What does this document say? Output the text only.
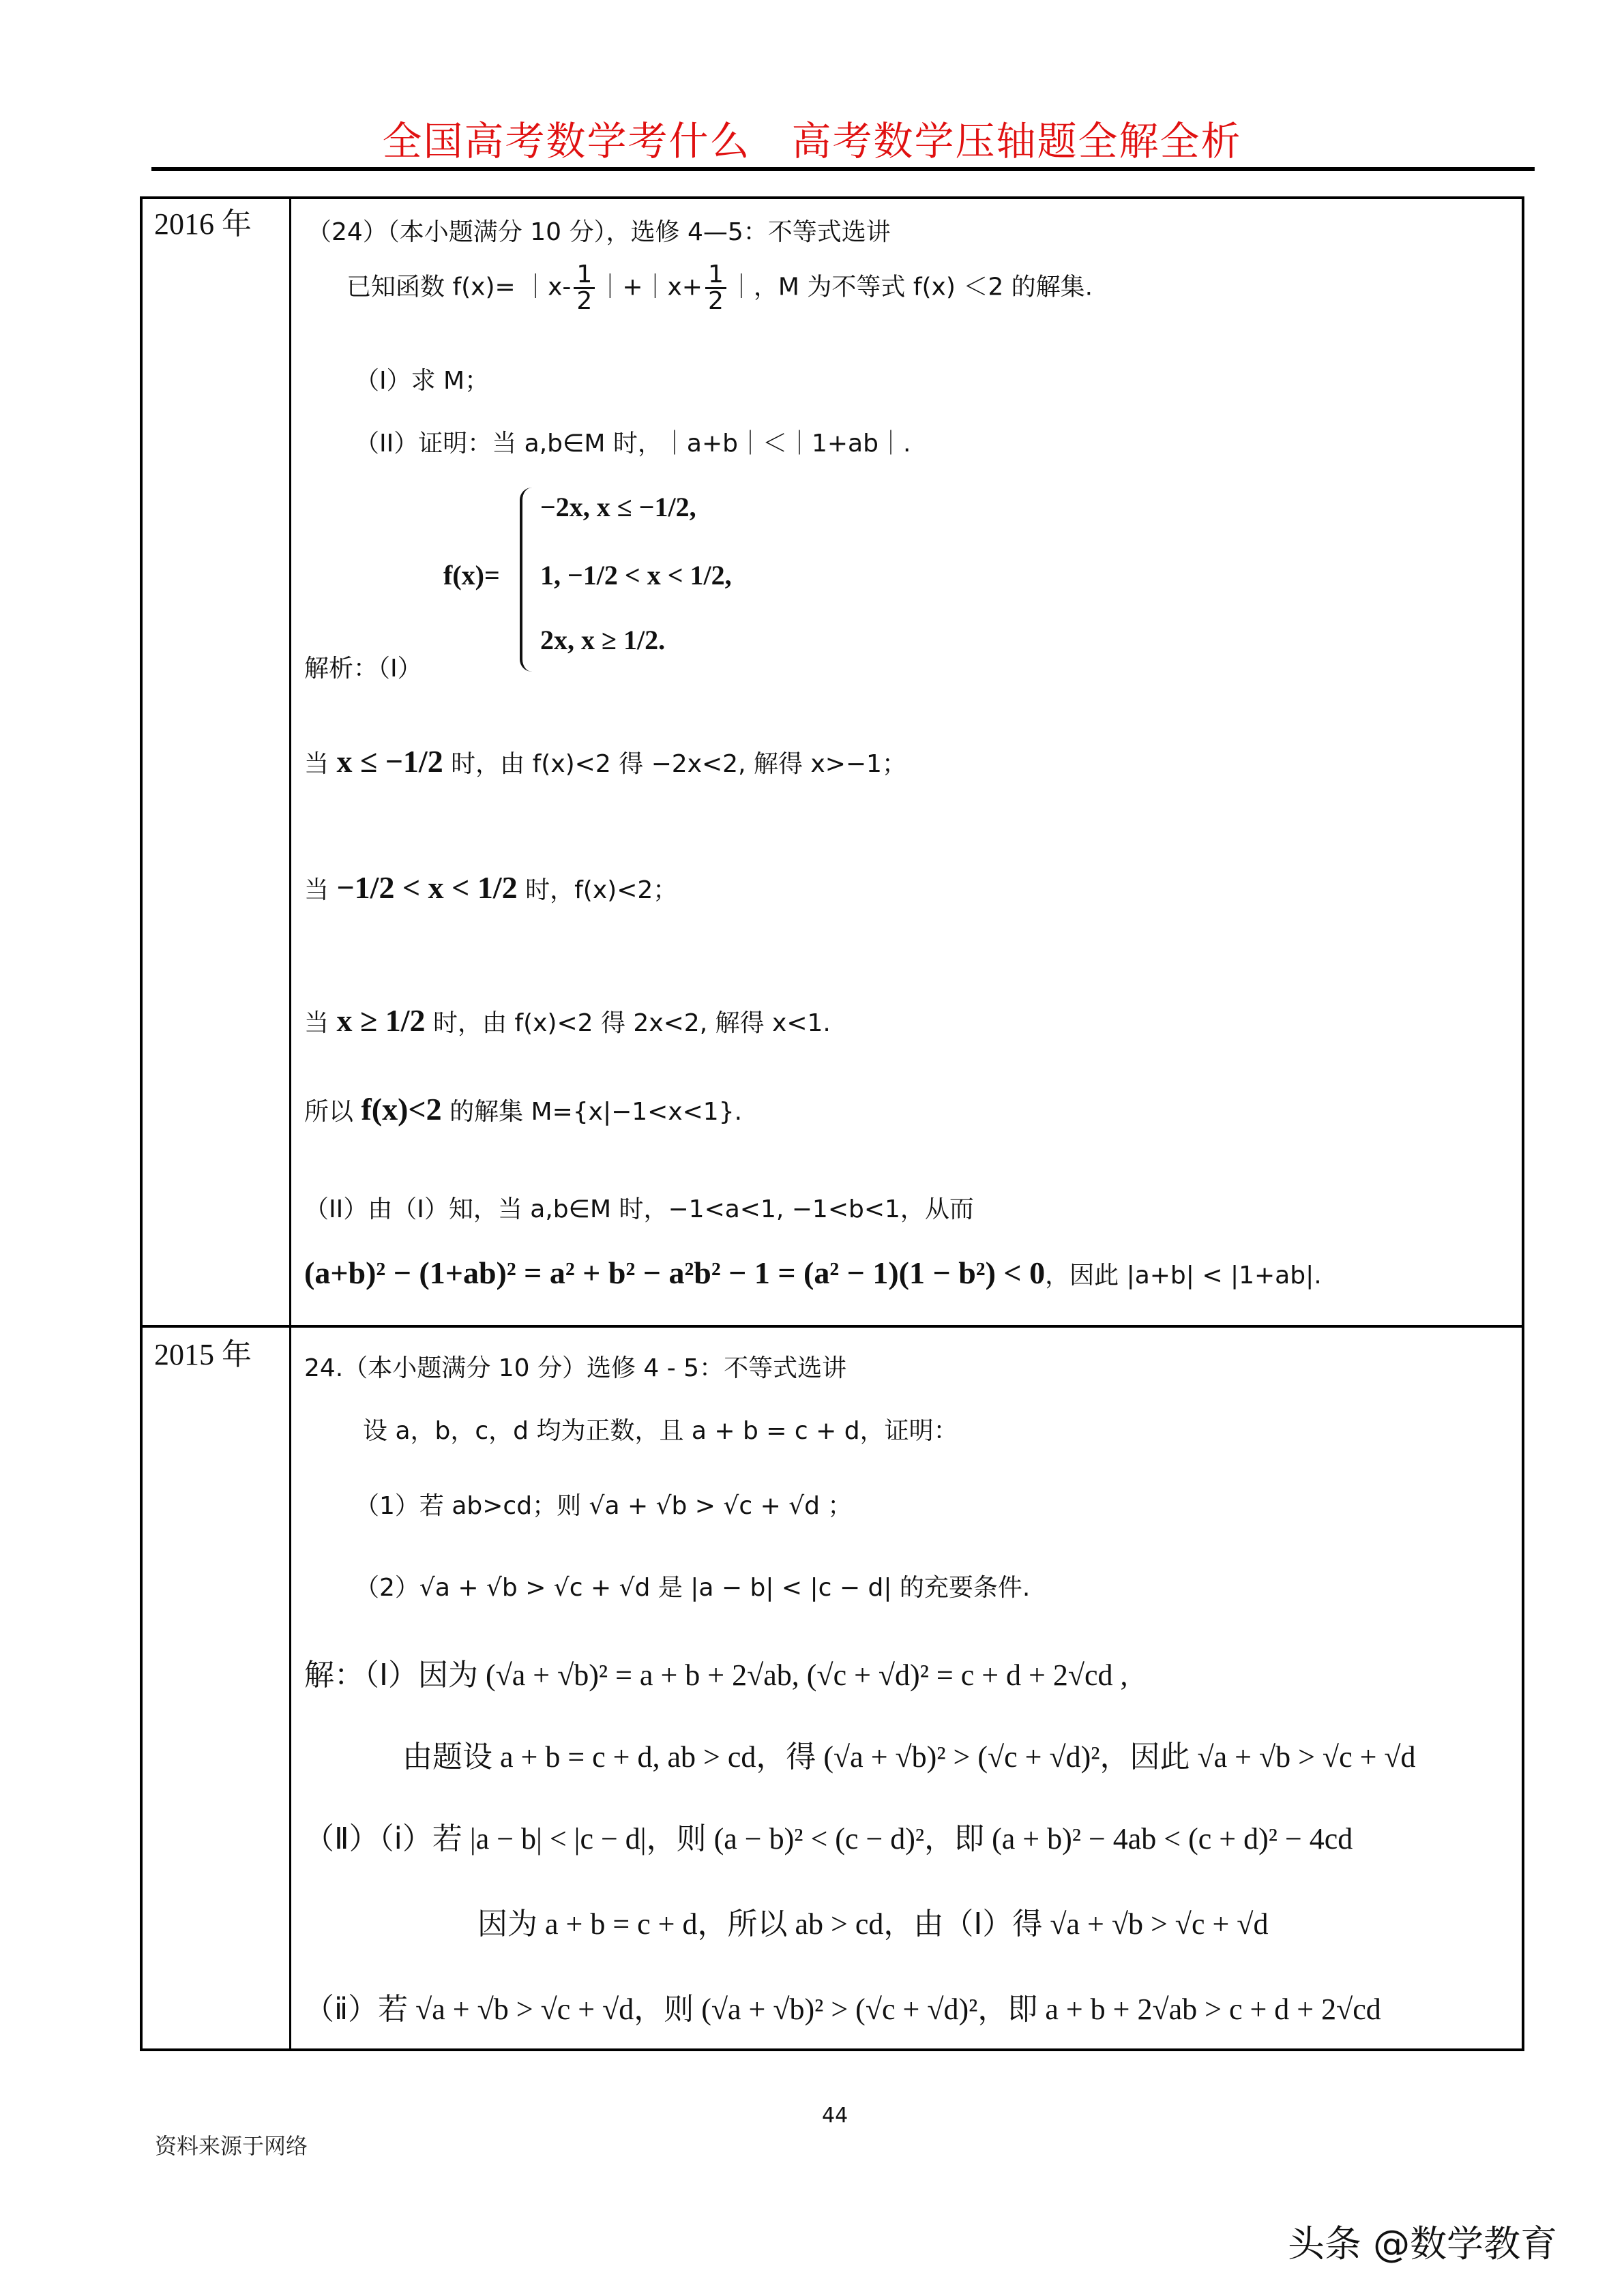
全国高考数学考什么 高考数学压轴题全解全析
2016 年 （24）（本小题满分 10 分），选修 4—5：不等式选讲
已知函数 f(x)= ｜x- $\frac{1}{2}$ ｜+｜x+ $\frac{1}{2}$ ｜，M 为不等式 f(x) ＜2 的解集.
（I）求 M；
（II）证明：当 a,b∈M 时，｜a+b｜＜｜1+ab｜.
f(x)=
−2x, x ≤ −1/2,
1, −1/2 < x < 1/2,
2x, x ≥ 1/2.
解析：（I）
当 x ≤ −1/2 时，由 f(x)<2 得 −2x<2, 解得 x>−1；
当 −1/2 < x < 1/2 时，f(x)<2；
当 x ≥ 1/2 时，由 f(x)<2 得 2x<2, 解得 x<1.
所以 f(x)<2 的解集 M={x|−1<x<1}.
（II）由（I）知，当 a,b∈M 时，−1<a<1, −1<b<1，从而
(a+b)² − (1+ab)² = a² + b² − a²b² − 1 = (a² − 1)(1 − b²) < 0，因此 |a+b| < |1+ab|.
2015 年 24.（本小题满分 10 分）选修 4 - 5：不等式选讲
设 a，b，c，d 均为正数，且 a + b = c + d，证明：
（1）若 ab>cd；则 √a + √b > √c + √d ；
（2）√a + √b > √c + √d 是 |a − b| < |c − d| 的充要条件.
解：（Ⅰ）因为 (√a + √b)² = a + b + 2√ab, (√c + √d)² = c + d + 2√cd ,
由题设 a + b = c + d, ab > cd，得 (√a + √b)² > (√c + √d)²，因此 √a + √b > √c + √d
（Ⅱ）（ⅰ）若 |a − b| < |c − d|，则 (a − b)² < (c − d)²，即 (a + b)² − 4ab < (c + d)² − 4cd
因为 a + b = c + d，所以 ab > cd，由（Ⅰ）得 √a + √b > √c + √d
（ⅱ）若 √a + √b > √c + √d，则 (√a + √b)² > (√c + √d)²，即 a + b + 2√ab > c + d + 2√cd
44
资料来源于网络
头条 @数学教育
